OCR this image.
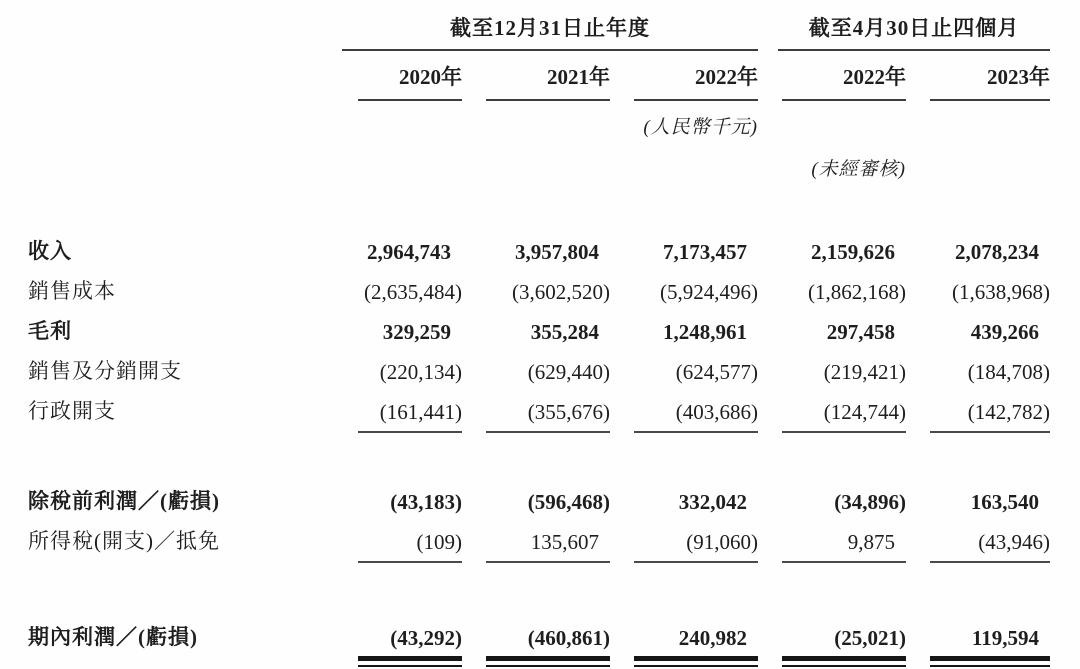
	截至12月31日止年度			截至4月30日止四個月	

	2020年	2021年	2022年	2022年	2023年

(人民幣千元)					
(未經審核)					

收入	2,964,743	3,957,804	7,173,457	2,159,626	2,078,234

銷售成本	(2,635,484)	(3,602,520)	(5,924,496)	(1,862,168)	(1,638,968)

毛利	329,259	355,284	1,248,961	297,458	439,266

銷售及分銷開支	(220,134)	(629,440)	(624,577)	(219,421)	(184,708)

行政開支	(161,441)	(355,676)	(403,686)	(124,744)	(142,782)

除稅前利潤／(虧損)	(43,183)	(596,468)	332,042	(34,896)	163,540

所得稅(開支)／抵免	(109)	135,607	(91,060)	9,875	(43,946)

期內利潤／(虧損)	(43,292)	(460,861)	240,982	(25,021)	119,594
